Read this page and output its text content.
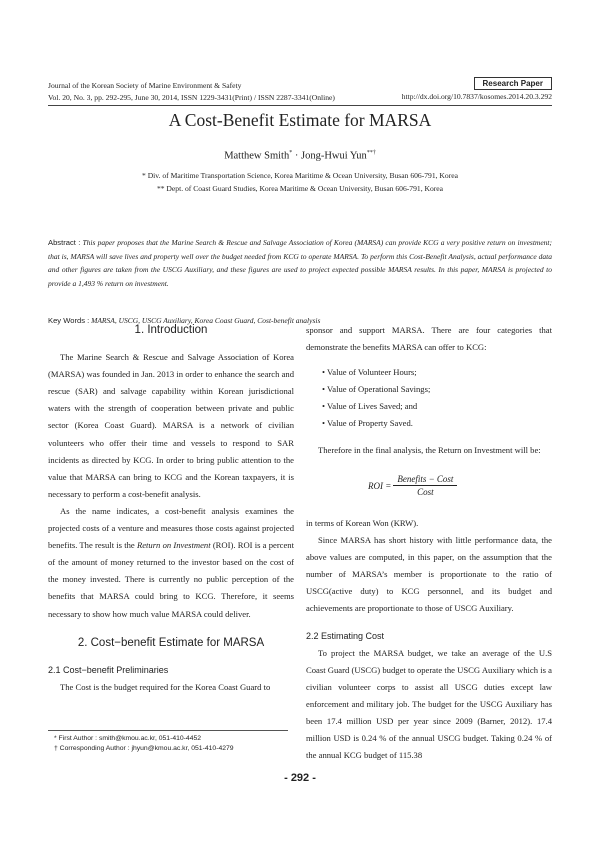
Journal of the Korean Society of Marine Environment & Safety
Vol. 20, No. 3, pp. 292-295, June 30, 2014, ISSN 1229-3431(Print) / ISSN 2287-3341(Online)
Research Paper
http://dx.doi.org/10.7837/kosomes.2014.20.3.292
A Cost-Benefit Estimate for MARSA
Matthew Smith* · Jong-Hwui Yun**†
* Div. of Maritime Transportation Science, Korea Maritime & Ocean University, Busan 606-791, Korea
** Dept. of Coast Guard Studies, Korea Maritime & Ocean University, Busan 606-791, Korea
Abstract : This paper proposes that the Marine Search & Rescue and Salvage Association of Korea (MARSA) can provide KCG a very positive return on investment; that is, MARSA will save lives and property well over the budget needed from KCG to operate MARSA. To perform this Cost-Benefit Analysis, actual performance data and other figures are taken from the USCG Auxiliary, and these figures are used to project expected possible MARSA results. In this paper, MARSA is projected to provide a 1,493 % return on investment.
Key Words : MARSA, USCG, USCG Auxiliary, Korea Coast Guard, Cost-benefit analysis
1. Introduction

The Marine Search & Rescue and Salvage Association of Korea (MARSA) was founded in Jan. 2013 in order to enhance the search and rescue (SAR) and salvage capability within Korean jurisdictional waters with the strength of cooperation between private and public sector (Korea Coast Guard). MARSA is a network of civilian volunteers who offer their time and vessels to respond to SAR incidents as directed by KCG. In order to bring public attention to the value that MARSA can bring to KCG and the Korean taxpayers, it is necessary to perform a cost-benefit analysis.

As the name indicates, a cost-benefit analysis examines the projected costs of a venture and measures those costs against projected benefits. The result is the Return on Investment (ROI). ROI is a percent of the amount of money returned to the investor based on the cost of the money invested. There is currently no public perception of the benefits that MARSA could bring to KCG. Therefore, it seems necessary to show how much value MARSA could deliver.

2. Cost−benefit Estimate for MARSA
2.1 Cost−benefit Preliminaries

The Cost is the budget required for the Korea Coast Guard to

sponsor and support MARSA. There are four categories that demonstrate the benefits MARSA can offer to KCG:

• Value of Volunteer Hours;
• Value of Operational Savings;
• Value of Lives Saved; and
• Value of Property Saved.

Therefore in the final analysis, the Return on Investment will be:

ROI = $\frac{\text{Benefits − Cost}}{\text{Cost}}$

in terms of Korean Won (KRW).

Since MARSA has short history with little performance data, the above values are computed, in this paper, on the assumption that the number of MARSA’s member is proportionate to the ratio of USCG(active duty) to KCG personnel, and its budget and achievements are proportionate to those of USCG Auxiliary.

2.2 Estimating Cost

To project the MARSA budget, we take an average of the U.S Coast Guard (USCG) budget to operate the USCG Auxiliary which is a civilian volunteer corps to assist all USCG duties except law enforcement and military job. The budget for the USCG Auxiliary has been 17.4 million USD per year since 2009 (Barner, 2012). 17.4 million USD is 0.24 % of the annual USCG budget. Taking 0.24 % of the annual KCG budget of 115.38

* First Author : smith@kmou.ac.kr, 051-410-4452
† Corresponding Author : jhyun@kmou.ac.kr, 051-410-4279
- 292 -
